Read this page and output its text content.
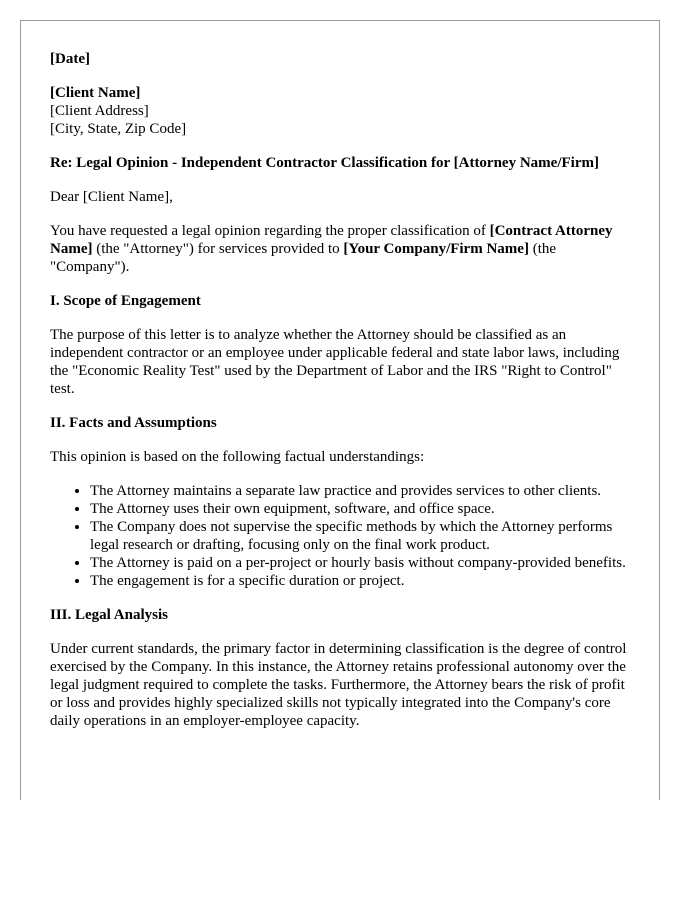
[Date]

[Client Name]
[Client Address]
[City, State, Zip Code]

Re: Legal Opinion - Independent Contractor Classification for [Attorney Name/Firm]

Dear [Client Name],

You have requested a legal opinion regarding the proper classification of [Contract Attorney Name] (the "Attorney") for services provided to [Your Company/Firm Name] (the "Company").

I. Scope of Engagement

The purpose of this letter is to analyze whether the Attorney should be classified as an independent contractor or an employee under applicable federal and state labor laws, including the "Economic Reality Test" used by the Department of Labor and the IRS "Right to Control" test.

II. Facts and Assumptions

This opinion is based on the following factual understandings:

• The Attorney maintains a separate law practice and provides services to other clients.
• The Attorney uses their own equipment, software, and office space.
• The Company does not supervise the specific methods by which the Attorney performs legal research or drafting, focusing only on the final work product.
• The Attorney is paid on a per-project or hourly basis without company-provided benefits.
• The engagement is for a specific duration or project.
III. Legal Analysis

Under current standards, the primary factor in determining classification is the degree of control exercised by the Company. In this instance, the Attorney retains professional autonomy over the legal judgment required to complete the tasks. Furthermore, the Attorney bears the risk of profit or loss and provides highly specialized skills not typically integrated into the Company's core daily operations in an employer-employee capacity.
